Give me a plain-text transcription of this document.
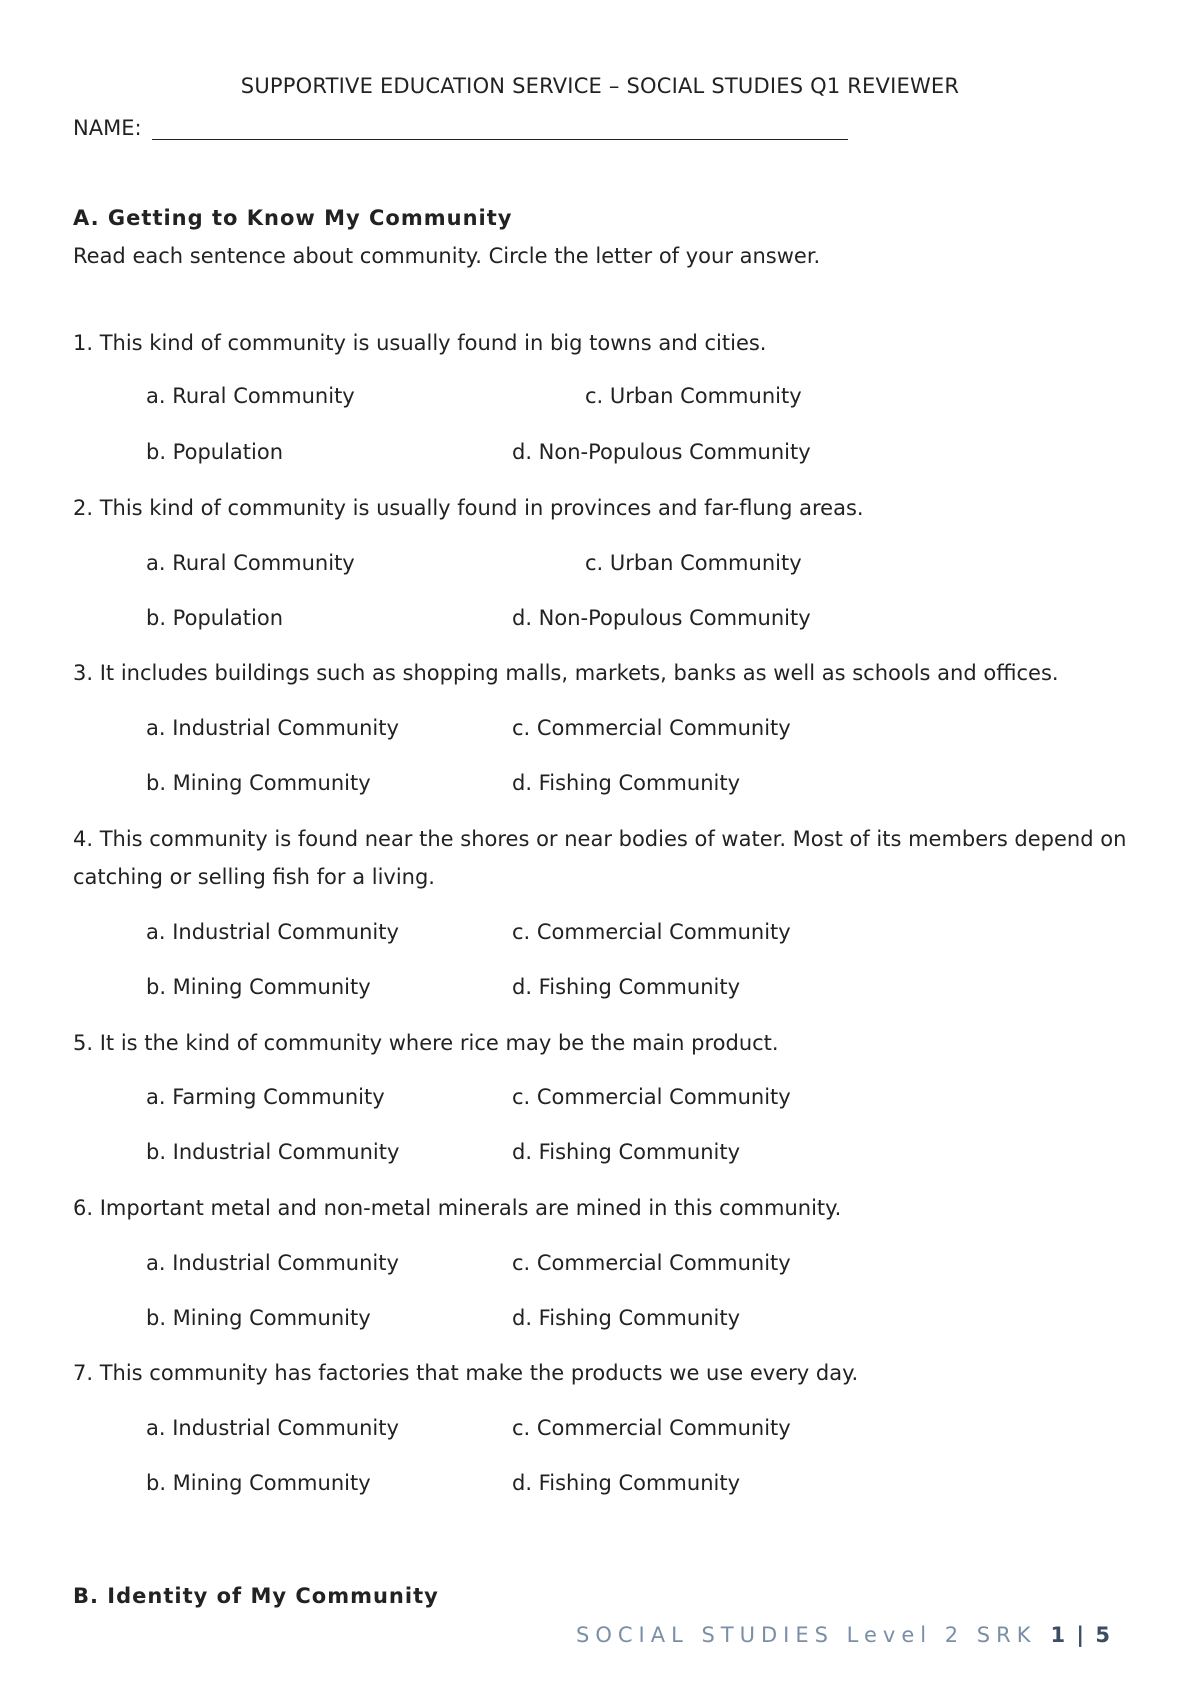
SUPPORTIVE EDUCATION SERVICE – SOCIAL STUDIES Q1 REVIEWER
NAME:
A. Getting to Know My Community
Read each sentence about community. Circle the letter of your answer.
1. This kind of community is usually found in big towns and cities.
a. Rural Community	c. Urban Community
b. Population	d. Non-Populous Community
2. This kind of community is usually found in provinces and far-flung areas.
a. Rural Community	c. Urban Community
b. Population	d. Non-Populous Community
3. It includes buildings such as shopping malls, markets, banks as well as schools and offices.
a. Industrial Community	c. Commercial Community
b. Mining Community	d. Fishing Community
4. This community is found near the shores or near bodies of water. Most of its members depend on catching or selling fish for a living.
a. Industrial Community	c. Commercial Community
b. Mining Community	d. Fishing Community
5. It is the kind of community where rice may be the main product.
a. Farming Community	c. Commercial Community
b. Industrial Community	d. Fishing Community
6. Important metal and non-metal minerals are mined in this community.
a. Industrial Community	c. Commercial Community
b. Mining Community	d. Fishing Community
7. This community has factories that make the products we use every day.
a. Industrial Community	c. Commercial Community
b. Mining Community	d. Fishing Community
B. Identity of My Community
SOCIAL STUDIES Level 2 SRK 1 | 5
